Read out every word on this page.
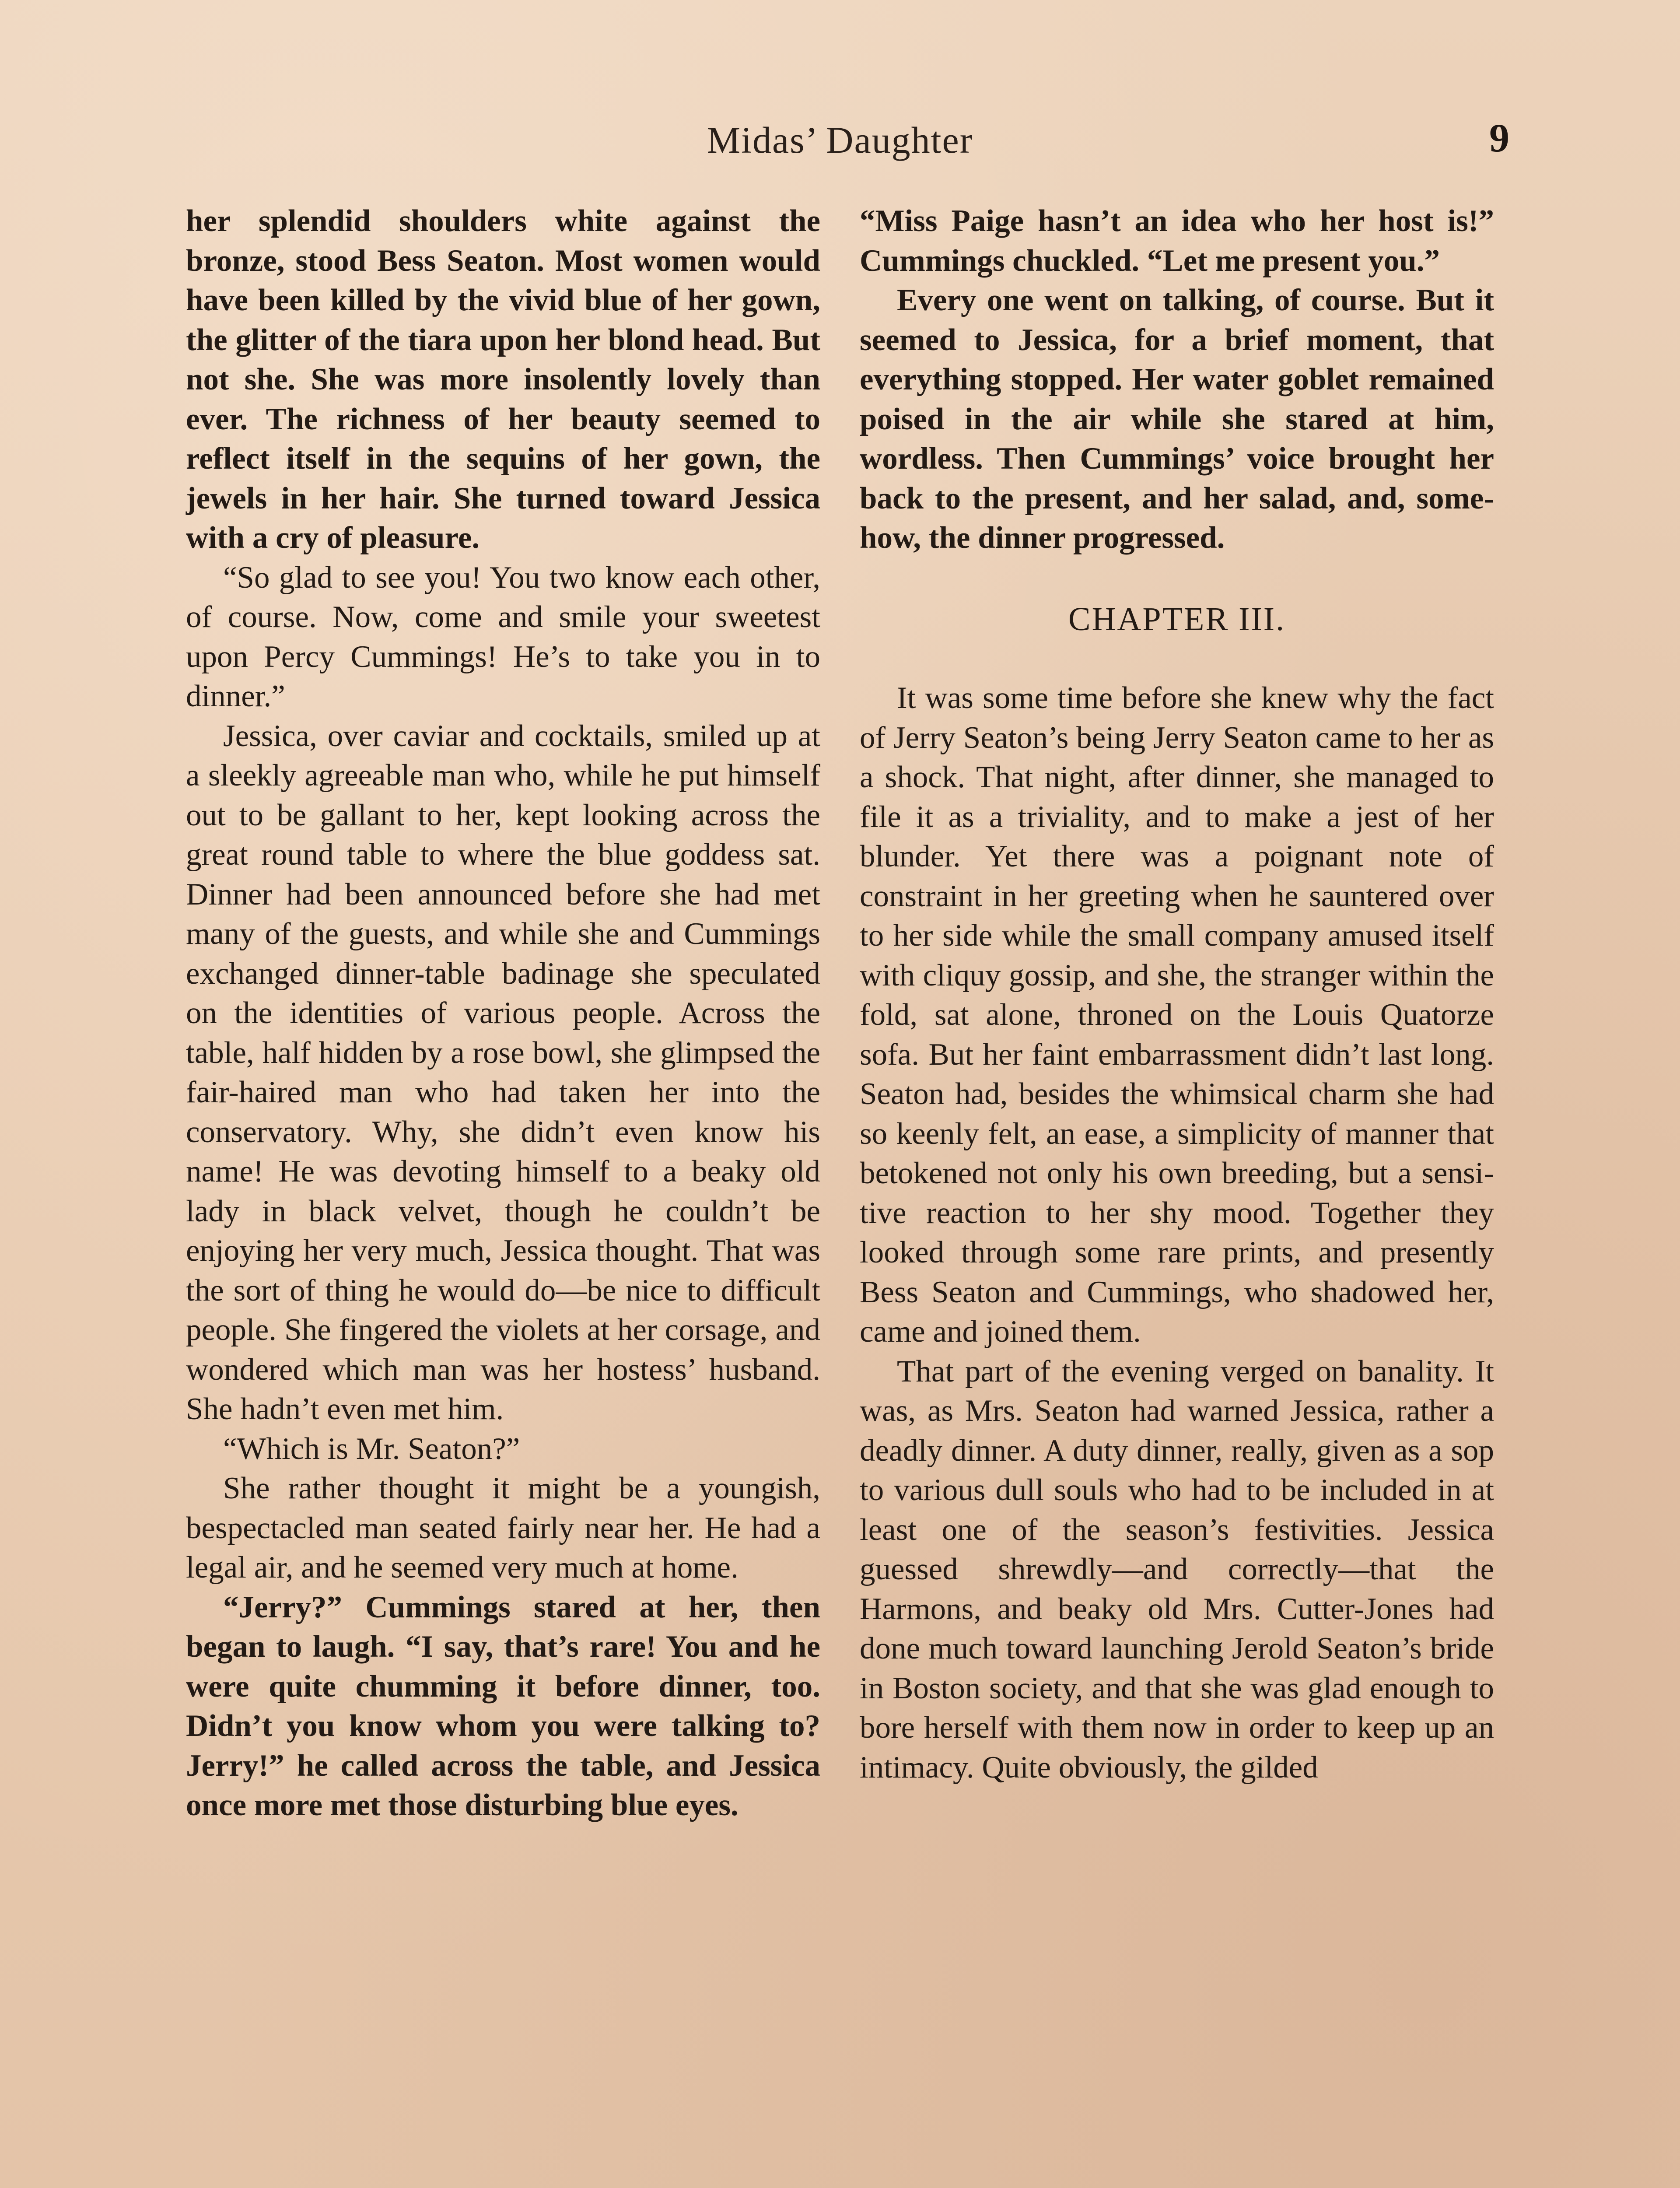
Midas’ Daughter	9

her splendid shoulders white against the bronze, stood Bess Seaton. Most women would have been killed by the vivid blue of her gown, the glitter of the tiara upon her blond head. But not she. She was more insolently lovely than ever. The richness of her beauty seemed to reflect itself in the sequins of her gown, the jewels in her hair. She turned toward Jessica with a cry of pleasure.

“So glad to see you! You two know each other, of course. Now, come and smile your sweetest upon Percy Cummings! He’s to take you in to dinner.”

Jessica, over caviar and cocktails, smiled up at a sleekly agreeable man who, while he put himself out to be gallant to her, kept looking across the great round table to where the blue goddess sat. Dinner had been announced before she had met many of the guests, and while she and Cummings exchanged dinner-table badinage she speculated on the identities of various people. Across the table, half hidden by a rose bowl, she glimpsed the fair-haired man who had taken her into the conservatory. Why, she didn’t even know his name! He was devoting himself to a beaky old lady in black velvet, though he couldn’t be enjoying her very much, Jessica thought. That was the sort of thing he would do—be nice to difficult people. She fingered the violets at her corsage, and wondered which man was her hostess’ husband. She hadn’t even met him.

“Which is Mr. Seaton?”

She rather thought it might be a youngish, bespectacled man seated fairly near her. He had a legal air, and he seemed very much at home.

“Jerry?” Cummings stared at her, then began to laugh. “I say, that’s rare! You and he were quite chumming it before dinner, too. Didn’t you know whom you were talking to? Jerry!” he called across the table, and Jessica once more met those disturbing blue eyes.

“Miss Paige hasn’t an idea who her host is!” Cummings chuckled. “Let me present you.”

Every one went on talking, of course. But it seemed to Jessica, for a brief moment, that everything stopped. Her water goblet remained poised in the air while she stared at him, wordless. Then Cummings’ voice brought her back to the present, and her salad, and, somehow, the dinner progressed.

CHAPTER III.

It was some time before she knew why the fact of Jerry Seaton’s being Jerry Seaton came to her as a shock. That night, after dinner, she managed to file it as a triviality, and to make a jest of her blunder. Yet there was a poignant note of constraint in her greeting when he sauntered over to her side while the small company amused itself with cliquy gossip, and she, the stranger within the fold, sat alone, throned on the Louis Quatorze sofa. But her faint embarrassment didn’t last long. Seaton had, besides the whimsical charm she had so keenly felt, an ease, a simplicity of manner that betokened not only his own breeding, but a sensitive reaction to her shy mood. Together they looked through some rare prints, and presently Bess Seaton and Cummings, who shadowed her, came and joined them.

That part of the evening verged on banality. It was, as Mrs. Seaton had warned Jessica, rather a deadly dinner. A duty dinner, really, given as a sop to various dull souls who had to be included in at least one of the season’s festivities. Jessica guessed shrewdly—and correctly—that the Harmons, and beaky old Mrs. Cutter-Jones had done much toward launching Jerold Seaton’s bride in Boston society, and that she was glad enough to bore herself with them now in order to keep up an intimacy. Quite obviously, the gilded
